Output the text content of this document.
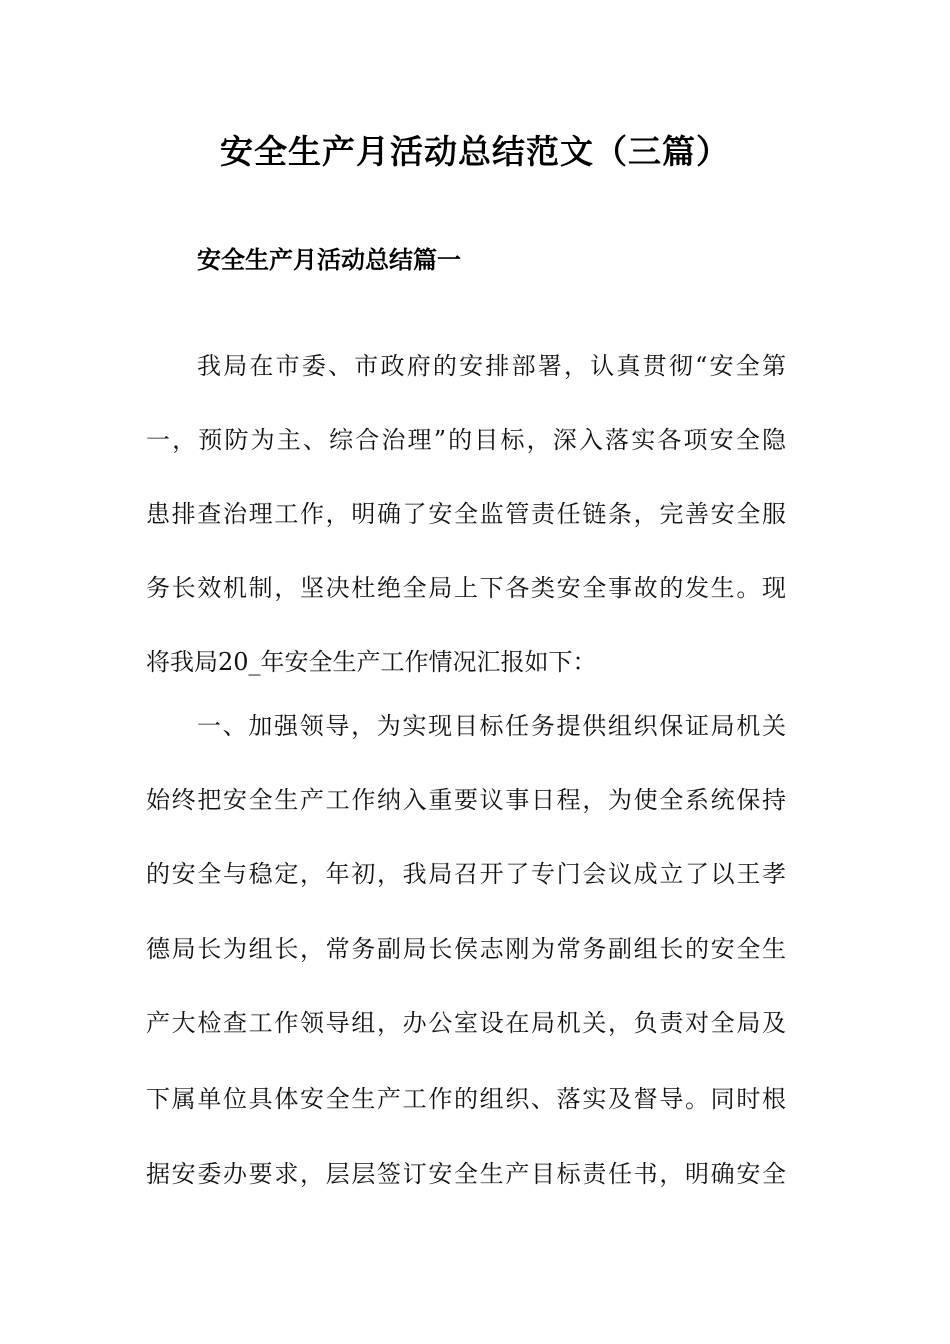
安全生产月活动总结范文（三篇）
安全生产月活动总结篇一

我局在市委、市政府的安排部署，认真贯彻“安全第

一，预防为主、综合治理”的目标，深入落实各项安全隐

患排查治理工作，明确了安全监管责任链条，完善安全服

务长效机制，坚决杜绝全局上下各类安全事故的发生。现

将我局20_年安全生产工作情况汇报如下：

一、加强领导，为实现目标任务提供组织保证局机关

始终把安全生产工作纳入重要议事日程，为使全系统保持

的安全与稳定，年初，我局召开了专门会议成立了以王孝

德局长为组长，常务副局长侯志刚为常务副组长的安全生

产大检查工作领导组，办公室设在局机关，负责对全局及

下属单位具体安全生产工作的组织、落实及督导。同时根

据安委办要求，层层签订安全生产目标责任书，明确安全
